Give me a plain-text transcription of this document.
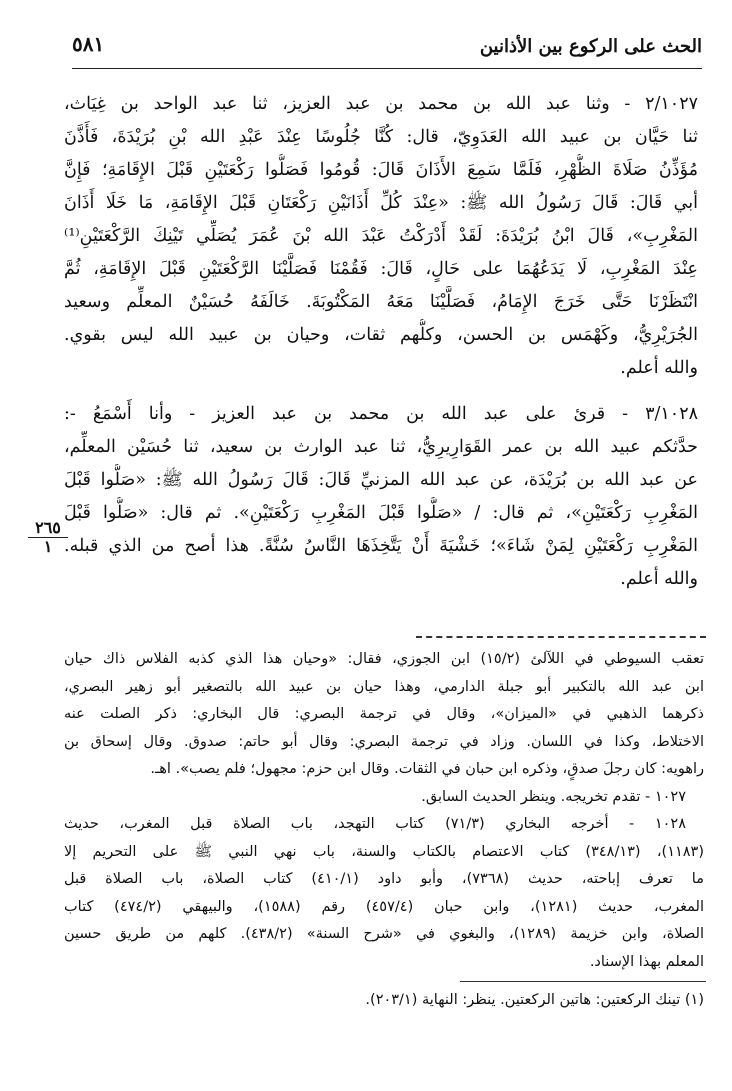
الحث على الركوع بين الأذانين
٥٨١
٢/١٠٢٧ - وثنا عبد الله بن محمد بن عبد العزيز، ثنا عبد الواحد بن غِيَاث،
ثنا حَيَّان بن عبيد الله العَدَوِيّ، قال: كُنَّا جُلُوسًا عِنْدَ عَبْدِ الله بْنِ بُرَيْدَةَ، فَأَذَّنَ
مُؤَذِّنُ صَلَاةَ الظُّهْرِ، فَلَمَّا سَمِعَ الأَذَانَ قَالَ: قُومُوا فَصَلُّوا رَكْعَتَيْنِ قَبْلَ الإِقَامَةِ؛ فَإِنَّ
أبي قَالَ: قَالَ رَسُولُ الله ﷺ: «عِنْدَ كُلِّ أَذَانَيْنِ رَكْعَتَانِ قَبْلَ الإِقَامَةِ، مَا خَلَا أَذَانَ
المَغْرِبِ»، قَالَ ابْنُ بُرَيْدَةَ: لَقَدْ أَدْرَكْتُ عَبْدَ الله بْنَ عُمَرَ يُصَلِّي تَيْنِكَ الرَّكْعَتَيْنِ⁽¹⁾
عِنْدَ المَغْرِبِ، لَا يَدَعُهُمَا على حَالٍ، قَالَ: فَقُمْنَا فَصَلَّيْنَا الرَّكْعَتَيْنِ قَبْلَ الإِقَامَةِ، ثُمَّ
انْتَظَرْنَا حَتَّى خَرَجَ الإِمَامُ، فَصَلَّيْنَا مَعَهُ المَكْتُوبَةَ. خَالَفَهُ حُسَيْنٌ المعلِّم وسعيد
الجُرَيْرِيُّ، وكَهْمَس بن الحسن، وكلُّهم ثقات، وحيان بن عبيد الله ليس بقوي.
والله أعلم.
٣/١٠٢٨ - قرئ على عبد الله بن محمد بن عبد العزيز - وأنا أَسْمَعُ -:
حدَّثكم عبيد الله بن عمر القَوَارِيرِيُّ، ثنا عبد الوارث بن سعيد، ثنا حُسَيْن المعلِّم،
عن عبد الله بن بُرَيْدَة، عن عبد الله المزنيِّ قَالَ: قَالَ رَسُولُ الله ﷺ: «صَلُّوا قَبْلَ
المَغْرِبِ رَكْعَتَيْنِ»، ثم قال: / «صَلُّوا قَبْلَ المَغْرِبِ رَكْعَتَيْنِ». ثم قال: «صَلُّوا قَبْلَ
المَغْرِبِ رَكْعَتَيْنِ لِمَنْ شَاءَ»؛ خَشْيَةَ أَنْ يَتَّخِذَهَا النَّاسُ سُنَّةً. هذا أصح من الذي قبله.
والله أعلم.
٢٦٥
١
تعقب السيوطي في اللآلئ (١٥/٢) ابن الجوزي، فقال: «وحيان هذا الذي كذبه الفلاس ذاك حيان
ابن عبد الله بالتكبير أبو جبلة الدارمي، وهذا حيان بن عبيد الله بالتصغير أبو زهير البصري،
ذكرهما الذهبي في «الميزان»، وقال في ترجمة البصري: قال البخاري: ذكر الصلت عنه
الاختلاط، وكذا في اللسان. وزاد في ترجمة البصري: وقال أبو حاتم: صدوق. وقال إسحاق بن
راهويه: كان رجلَ صدقٍ، وذكره ابن حبان في الثقات. وقال ابن حزم: مجهول؛ فلم يصب». اهـ.
١٠٢٧ - تقدم تخريجه. وينظر الحديث السابق.
١٠٢٨ - أخرجه البخاري (٧١/٣) كتاب التهجد، باب الصلاة قبل المغرب، حديث
(١١٨٣)، (٣٤٨/١٣) كتاب الاعتصام بالكتاب والسنة، باب نهي النبي ﷺ على التحريم إلا
ما تعرف إباحته، حديث (٧٣٦٨)، وأبو داود (٤١٠/١) كتاب الصلاة، باب الصلاة قبل
المغرب، حديث (١٢٨١)، وابن حبان (٤٥٧/٤) رقم (١٥٨٨)، والبيهقي (٤٧٤/٢) كتاب
الصلاة، وابن خزيمة (١٢٨٩)، والبغوي في «شرح السنة» (٤٣٨/٢). كلهم من طريق حسين
المعلم بهذا الإسناد.
(١) تينك الركعتين: هاتين الركعتين. ينظر: النهاية (٢٠٣/١).
